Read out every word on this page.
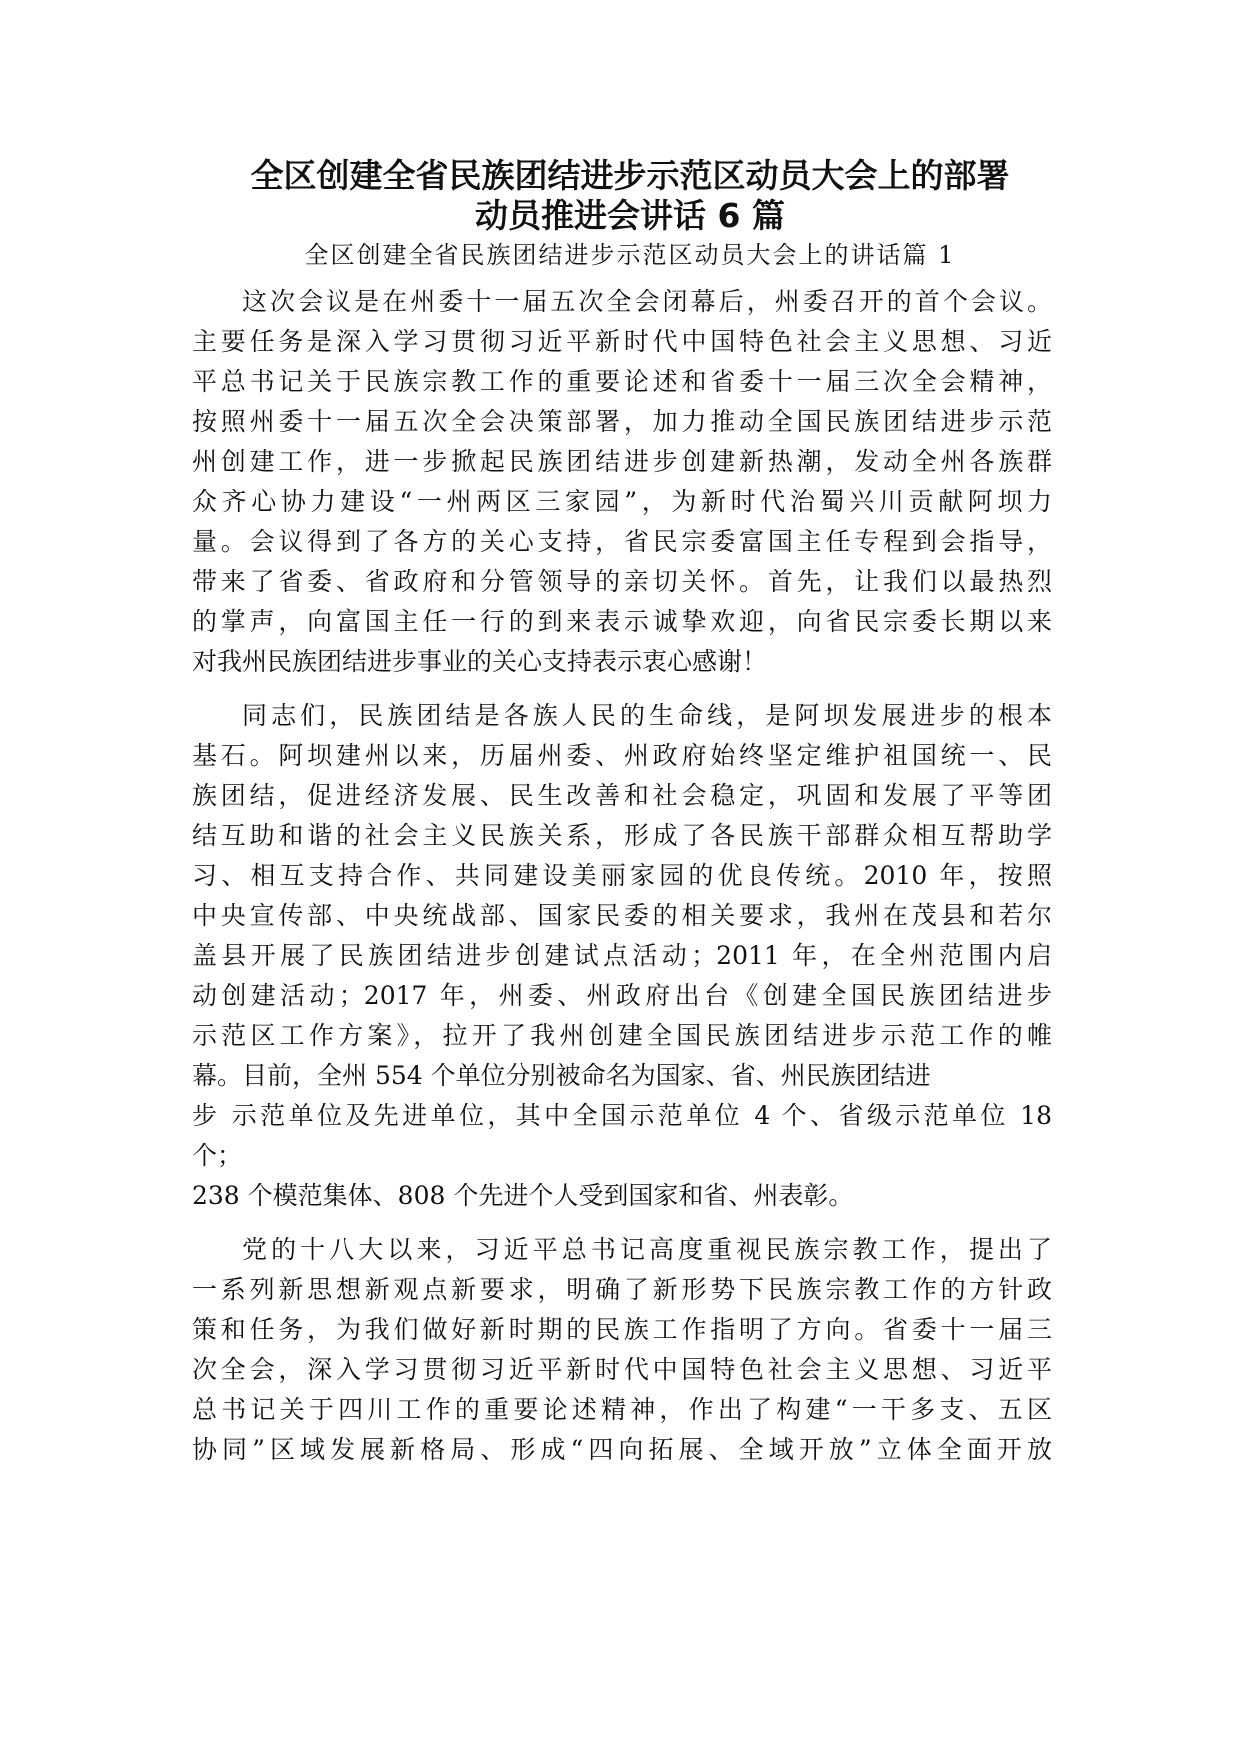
全区创建全省民族团结进步示范区动员大会上的部署
动员推进会讲话 6 篇

全区创建全省民族团结进步示范区动员大会上的讲话篇 1

这次会议是在州委十一届五次全会闭幕后，州委召开的首个会议。
主要任务是深入学习贯彻习近平新时代中国特色社会主义思想、习近
平总书记关于民族宗教工作的重要论述和省委十一届三次全会精神，
按照州委十一届五次全会决策部署，加力推动全国民族团结进步示范
州创建工作，进一步掀起民族团结进步创建新热潮，发动全州各族群
众齐心协力建设“一州两区三家园”，为新时代治蜀兴川贡献阿坝力
量。会议得到了各方的关心支持，省民宗委富国主任专程到会指导，
带来了省委、省政府和分管领导的亲切关怀。首先，让我们以最热烈
的掌声，向富国主任一行的到来表示诚挚欢迎，向省民宗委长期以来
对我州民族团结进步事业的关心支持表示衷心感谢！
同志们，民族团结是各族人民的生命线，是阿坝发展进步的根本
基石。阿坝建州以来，历届州委、州政府始终坚定维护祖国统一、民
族团结，促进经济发展、民生改善和社会稳定，巩固和发展了平等团
结互助和谐的社会主义民族关系，形成了各民族干部群众相互帮助学
习、相互支持合作、共同建设美丽家园的优良传统。2010 年，按照
中央宣传部、中央统战部、国家民委的相关要求，我州在茂县和若尔
盖县开展了民族团结进步创建试点活动；2011 年，在全州范围内启
动创建活动；2017 年，州委、州政府出台《创建全国民族团结进步
示范区工作方案》，拉开了我州创建全国民族团结进步示范工作的帷
幕。目前，全州 554 个单位分别被命名为国家、省、州民族团结进
步 示范单位及先进单位，其中全国示范单位 4 个、省级示范单位 18
个；
238 个模范集体、808 个先进个人受到国家和省、州表彰。
党的十八大以来，习近平总书记高度重视民族宗教工作，提出了
一系列新思想新观点新要求，明确了新形势下民族宗教工作的方针政
策和任务，为我们做好新时期的民族工作指明了方向。省委十一届三
次全会，深入学习贯彻习近平新时代中国特色社会主义思想、习近平
总书记关于四川工作的重要论述精神，作出了构建“一干多支、五区
协同”区域发展新格局、形成“四向拓展、全域开放”立体全面开放
